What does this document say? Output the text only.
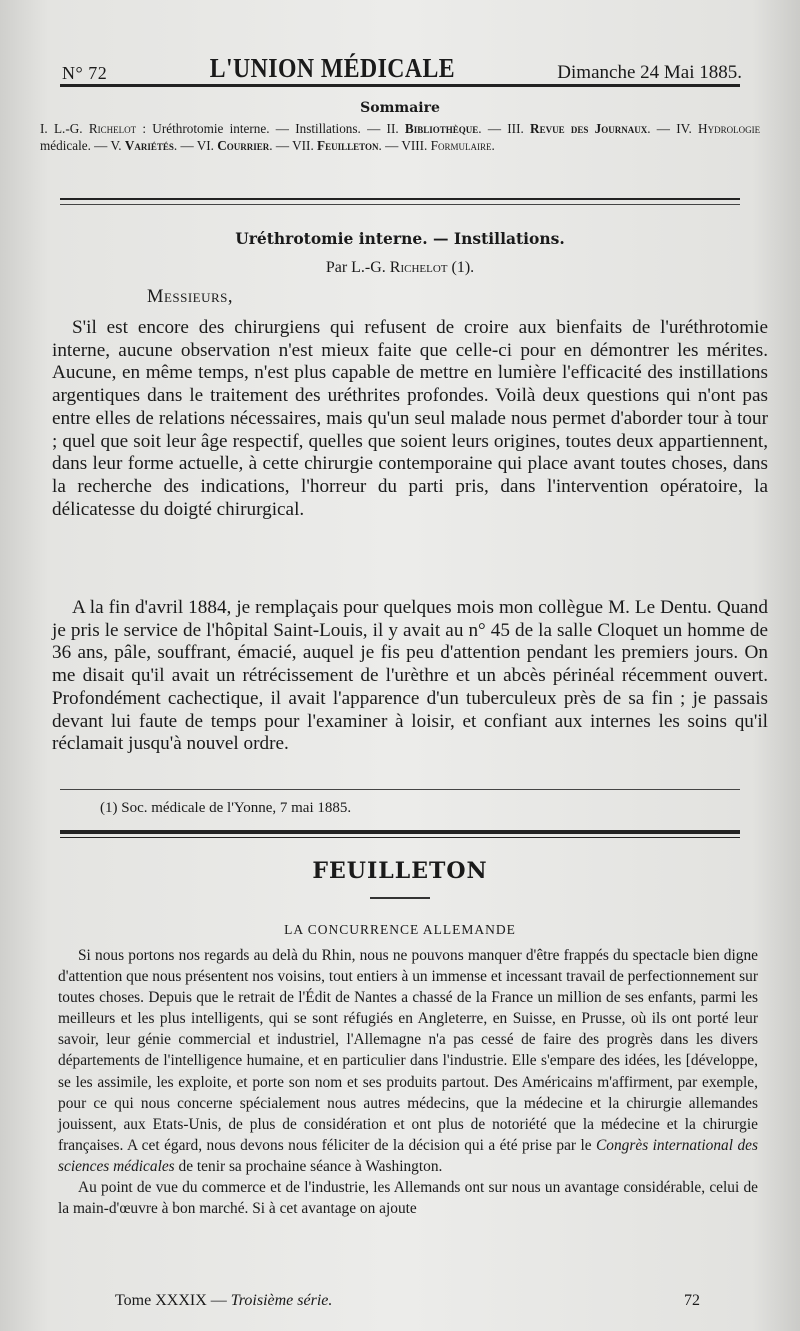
N° 72	L'UNION MÉDICALE	Dimanche 24 Mai 1885.
Sommaire
I. L.-G. Richelot : Uréthrotomie interne. — Instillations. — II. Bibliothèque. — III. Revue des Journaux. — IV. Hydrologie médicale. — V. Variétés. — VI. Courrier. — VII. Feuilleton. — VIII. Formulaire.
Uréthrotomie interne. — Instillations.
Par L.-G. Richelot (1).
Messieurs,

S'il est encore des chirurgiens qui refusent de croire aux bienfaits de l'uréthrotomie interne, aucune observation n'est mieux faite que celle-ci pour en démontrer les mérites. Aucune, en même temps, n'est plus capable de mettre en lumière l'efficacité des instillations argentiques dans le traitement des uréthrites profondes. Voilà deux questions qui n'ont pas entre elles de relations nécessaires, mais qu'un seul malade nous permet d'aborder tour à tour ; quel que soit leur âge respectif, quelles que soient leurs origines, toutes deux appartiennent, dans leur forme actuelle, à cette chirurgie contemporaine qui place avant toutes choses, dans la recherche des indications, l'horreur du parti pris, dans l'intervention opératoire, la délicatesse du doigté chirurgical.

A la fin d'avril 1884, je remplaçais pour quelques mois mon collègue M. Le Dentu. Quand je pris le service de l'hôpital Saint-Louis, il y avait au n° 45 de la salle Cloquet un homme de 36 ans, pâle, souffrant, émacié, auquel je fis peu d'attention pendant les premiers jours. On me disait qu'il avait un rétrécissement de l'urèthre et un abcès périnéal récemment ouvert. Profondément cachectique, il avait l'apparence d'un tuberculeux près de sa fin ; je passais devant lui faute de temps pour l'examiner à loisir, et confiant aux internes les soins qu'il réclamait jusqu'à nouvel ordre.

(1) Soc. médicale de l'Yonne, 7 mai 1885.
FEUILLETON
LA CONCURRENCE ALLEMANDE

Si nous portons nos regards au delà du Rhin, nous ne pouvons manquer d'être frappés du spectacle bien digne d'attention que nous présentent nos voisins, tout entiers à un immense et incessant travail de perfectionnement sur toutes choses. Depuis que le retrait de l'Édit de Nantes a chassé de la France un million de ses enfants, parmi les meilleurs et les plus intelligents, qui se sont réfugiés en Angleterre, en Suisse, en Prusse, où ils ont porté leur savoir, leur génie commercial et industriel, l'Allemagne n'a pas cessé de faire des progrès dans les divers départements de l'intelligence humaine, et en particulier dans l'industrie. Elle s'empare des idées, les [développe, se les assimile, les exploite, et porte son nom et ses produits partout. Des Américains m'affirment, par exemple, pour ce qui nous concerne spécialement nous autres médecins, que la médecine et la chirurgie allemandes jouissent, aux Etats-Unis, de plus de considération et ont plus de notoriété que la médecine et la chirurgie françaises. A cet égard, nous devons nous féliciter de la décision qui a été prise par le Congrès international des sciences médicales de tenir sa prochaine séance à Washington.

Au point de vue du commerce et de l'industrie, les Allemands ont sur nous un avantage considérable, celui de la main-d'œuvre à bon marché. Si à cet avantage on ajoute

Tome XXXIX — Troisième série.	72
